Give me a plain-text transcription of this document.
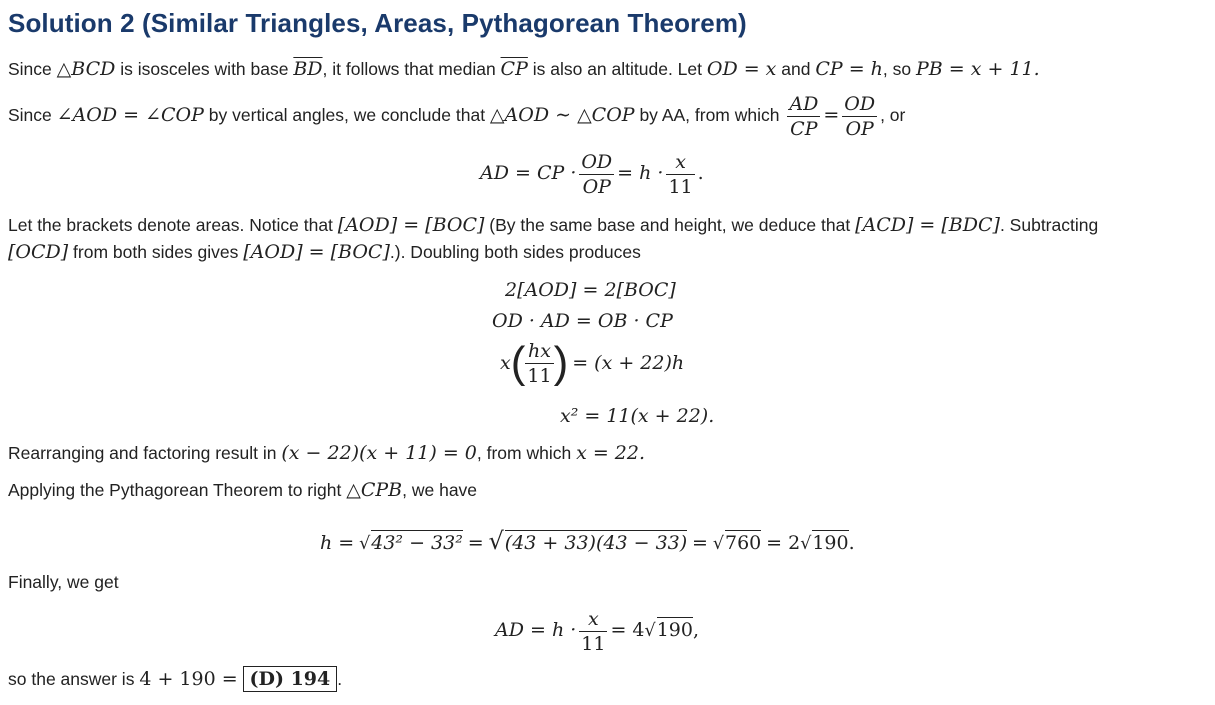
Solution 2 (Similar Triangles, Areas, Pythagorean Theorem)
Since △BCD is isosceles with base $\overline{BD}$, it follows that median $\overline{CP}$ is also an altitude. Let OD = x and CP = h, so PB = x + 11.
Since ∠AOD = ∠COP by vertical angles, we conclude that △AOD ∼ △COP by AA, from which $\frac{AD}{CP} = \frac{OD}{OP}$ , or
AD = CP · $\frac{OD}{OP} = h \cdot \frac{x}{11}$ .
Let the brackets denote areas. Notice that [AOD] = [BOC] (By the same base and height, we deduce that [ACD] = [BDC]. Subtracting
[OCD] from both sides gives [AOD] = [BOC].). Doubling both sides produces
2[AOD] = 2[BOC]
OD · AD = OB · CP
$x( \frac{hx}{11}$ ) = (x + 22)h
x² = 11(x + 22).
Rearranging and factoring result in (x − 22)(x + 11) = 0, from which x = 22.
Applying the Pythagorean Theorem to right △CPB, we have
h = √43² − 33² = √(43 + 33)(43 − 33) = √760 = 2√190.
Finally, we get
AD = $h \cdot \frac{x}{11} = 4√190$,
so the answer is 4 + 190 = (D) 194 .
